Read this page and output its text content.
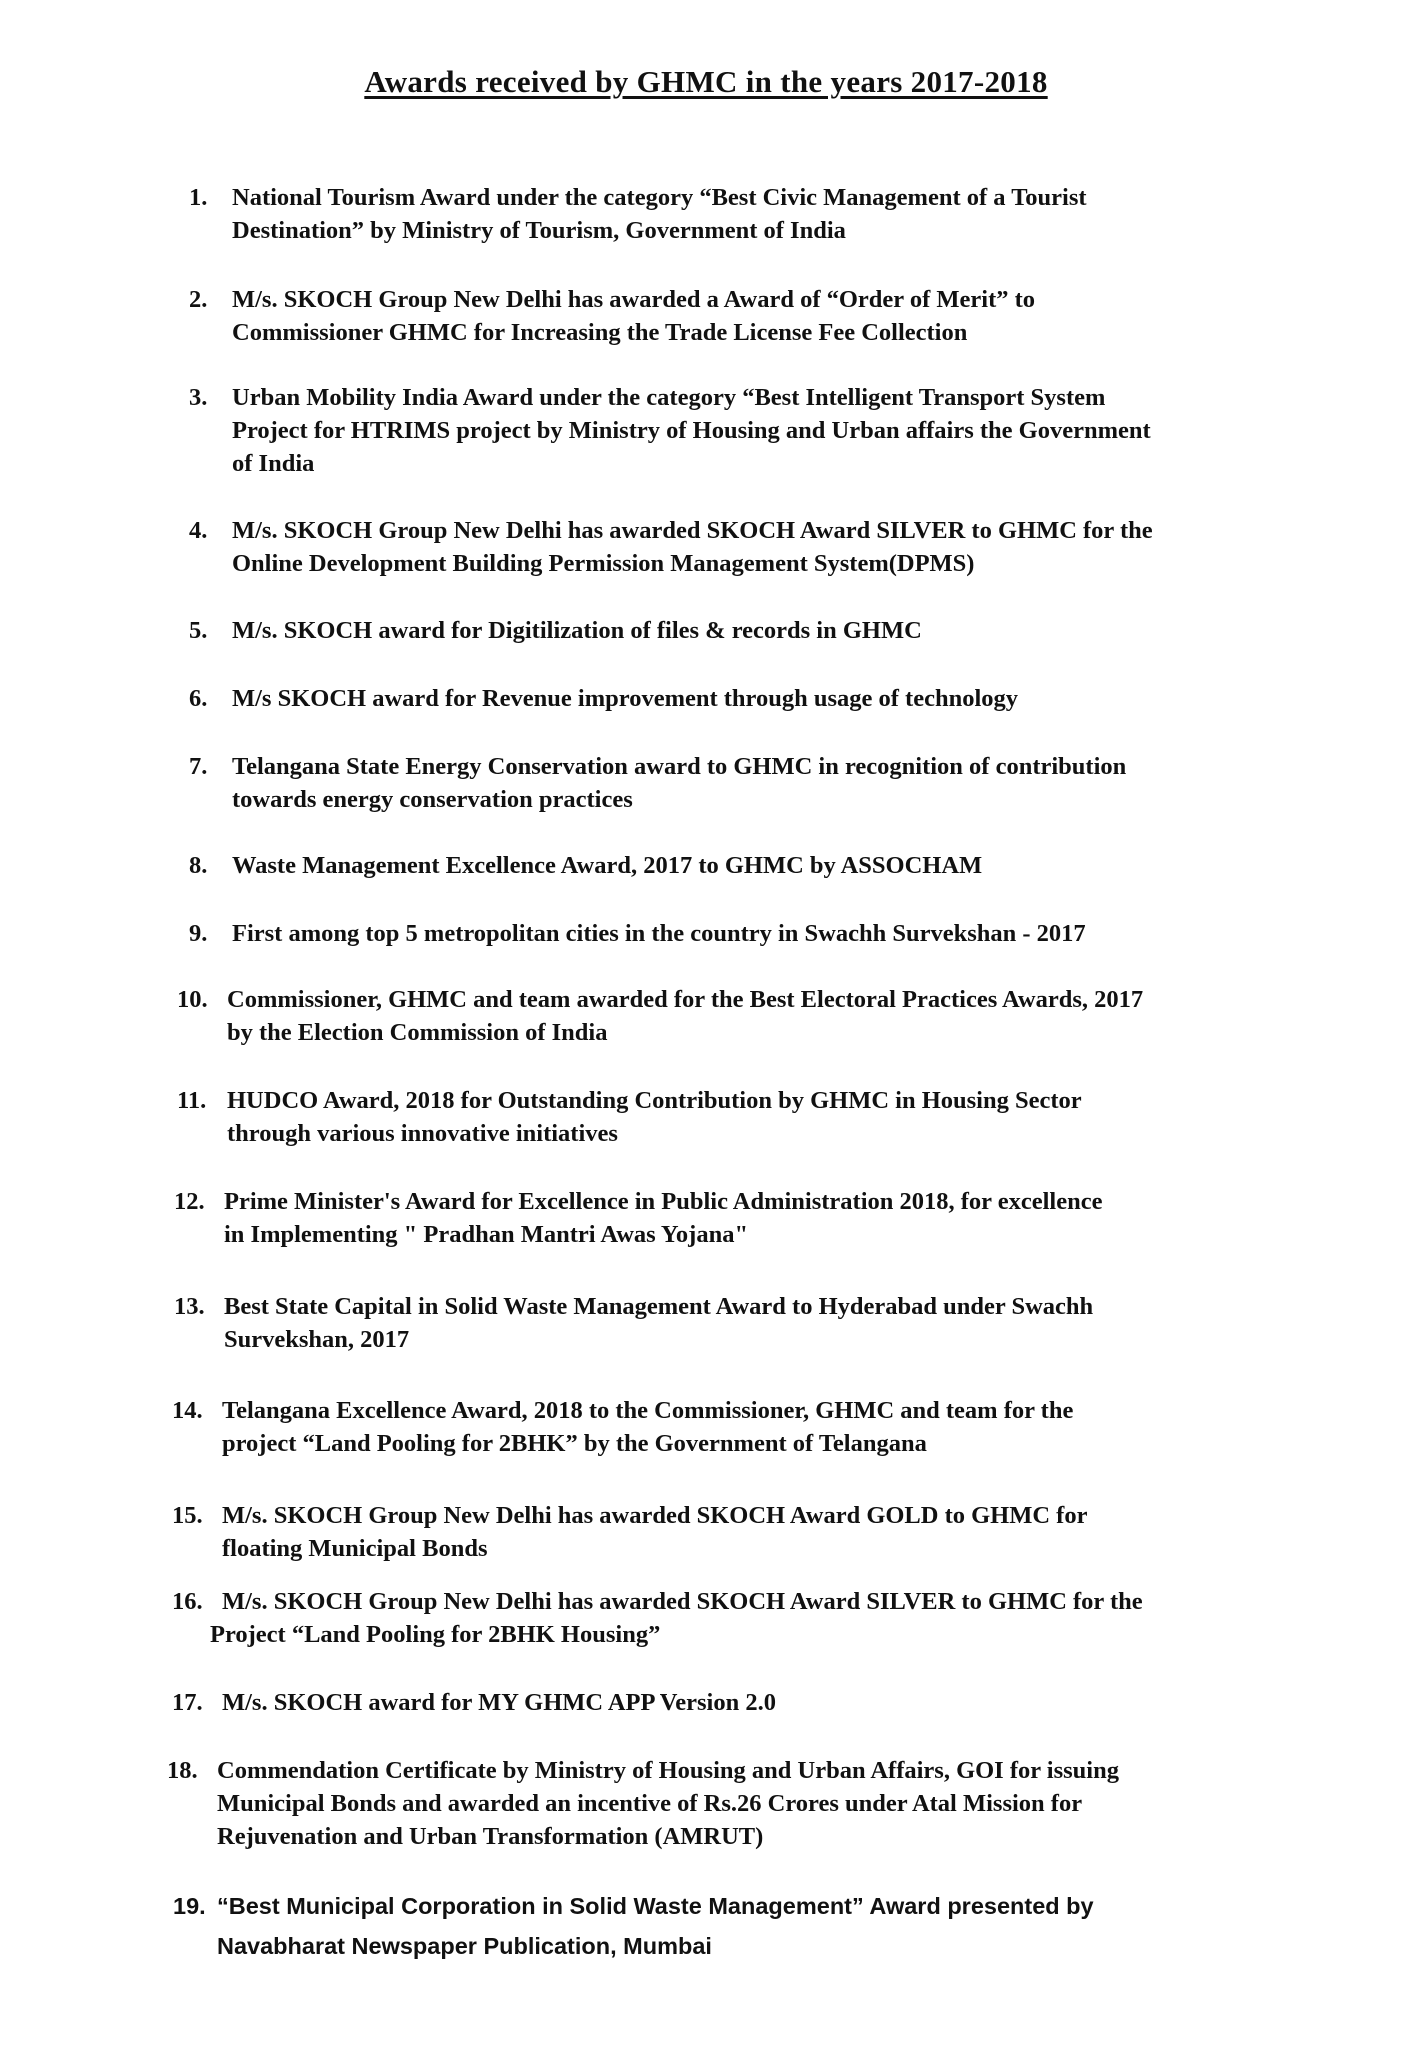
Awards received by GHMC in the years 2017-2018
1. National Tourism Award under the category “Best Civic Management of a Tourist
Destination” by Ministry of Tourism, Government of India
2. M/s. SKOCH Group New Delhi has awarded a Award of “Order of Merit” to
Commissioner GHMC for Increasing the Trade License Fee Collection
3. Urban Mobility India Award under the category “Best Intelligent Transport System
Project for HTRIMS project by Ministry of Housing and Urban affairs the Government
of India
4. M/s. SKOCH Group New Delhi has awarded SKOCH Award SILVER to GHMC for the
Online Development Building Permission Management System(DPMS)
5. M/s. SKOCH award for Digitilization of files & records in GHMC
6. M/s SKOCH award for Revenue improvement through usage of technology
7. Telangana State Energy Conservation award to GHMC in recognition of contribution
towards energy conservation practices
8. Waste Management Excellence Award, 2017 to GHMC by ASSOCHAM
9. First among top 5 metropolitan cities in the country in Swachh Survekshan - 2017
10. Commissioner, GHMC and team awarded for the Best Electoral Practices Awards, 2017
by the Election Commission of India
11. HUDCO Award, 2018 for Outstanding Contribution by GHMC in Housing Sector
through various innovative initiatives
12. Prime Minister's Award for Excellence in Public Administration 2018, for excellence
in Implementing " Pradhan Mantri Awas Yojana"
13. Best State Capital in Solid Waste Management Award to Hyderabad under Swachh
Survekshan, 2017
14. Telangana Excellence Award, 2018 to the Commissioner, GHMC and team for the
project “Land Pooling for 2BHK” by the Government of Telangana
15. M/s. SKOCH Group New Delhi has awarded SKOCH Award GOLD to GHMC for
floating Municipal Bonds
16. M/s. SKOCH Group New Delhi has awarded SKOCH Award SILVER to GHMC for the
Project “Land Pooling for 2BHK Housing”
17. M/s. SKOCH award for MY GHMC APP Version 2.0
18. Commendation Certificate by Ministry of Housing and Urban Affairs, GOI for issuing
Municipal Bonds and awarded an incentive of Rs.26 Crores under Atal Mission for
Rejuvenation and Urban Transformation (AMRUT)
19. “Best Municipal Corporation in Solid Waste Management” Award presented by
Navabharat Newspaper Publication, Mumbai
